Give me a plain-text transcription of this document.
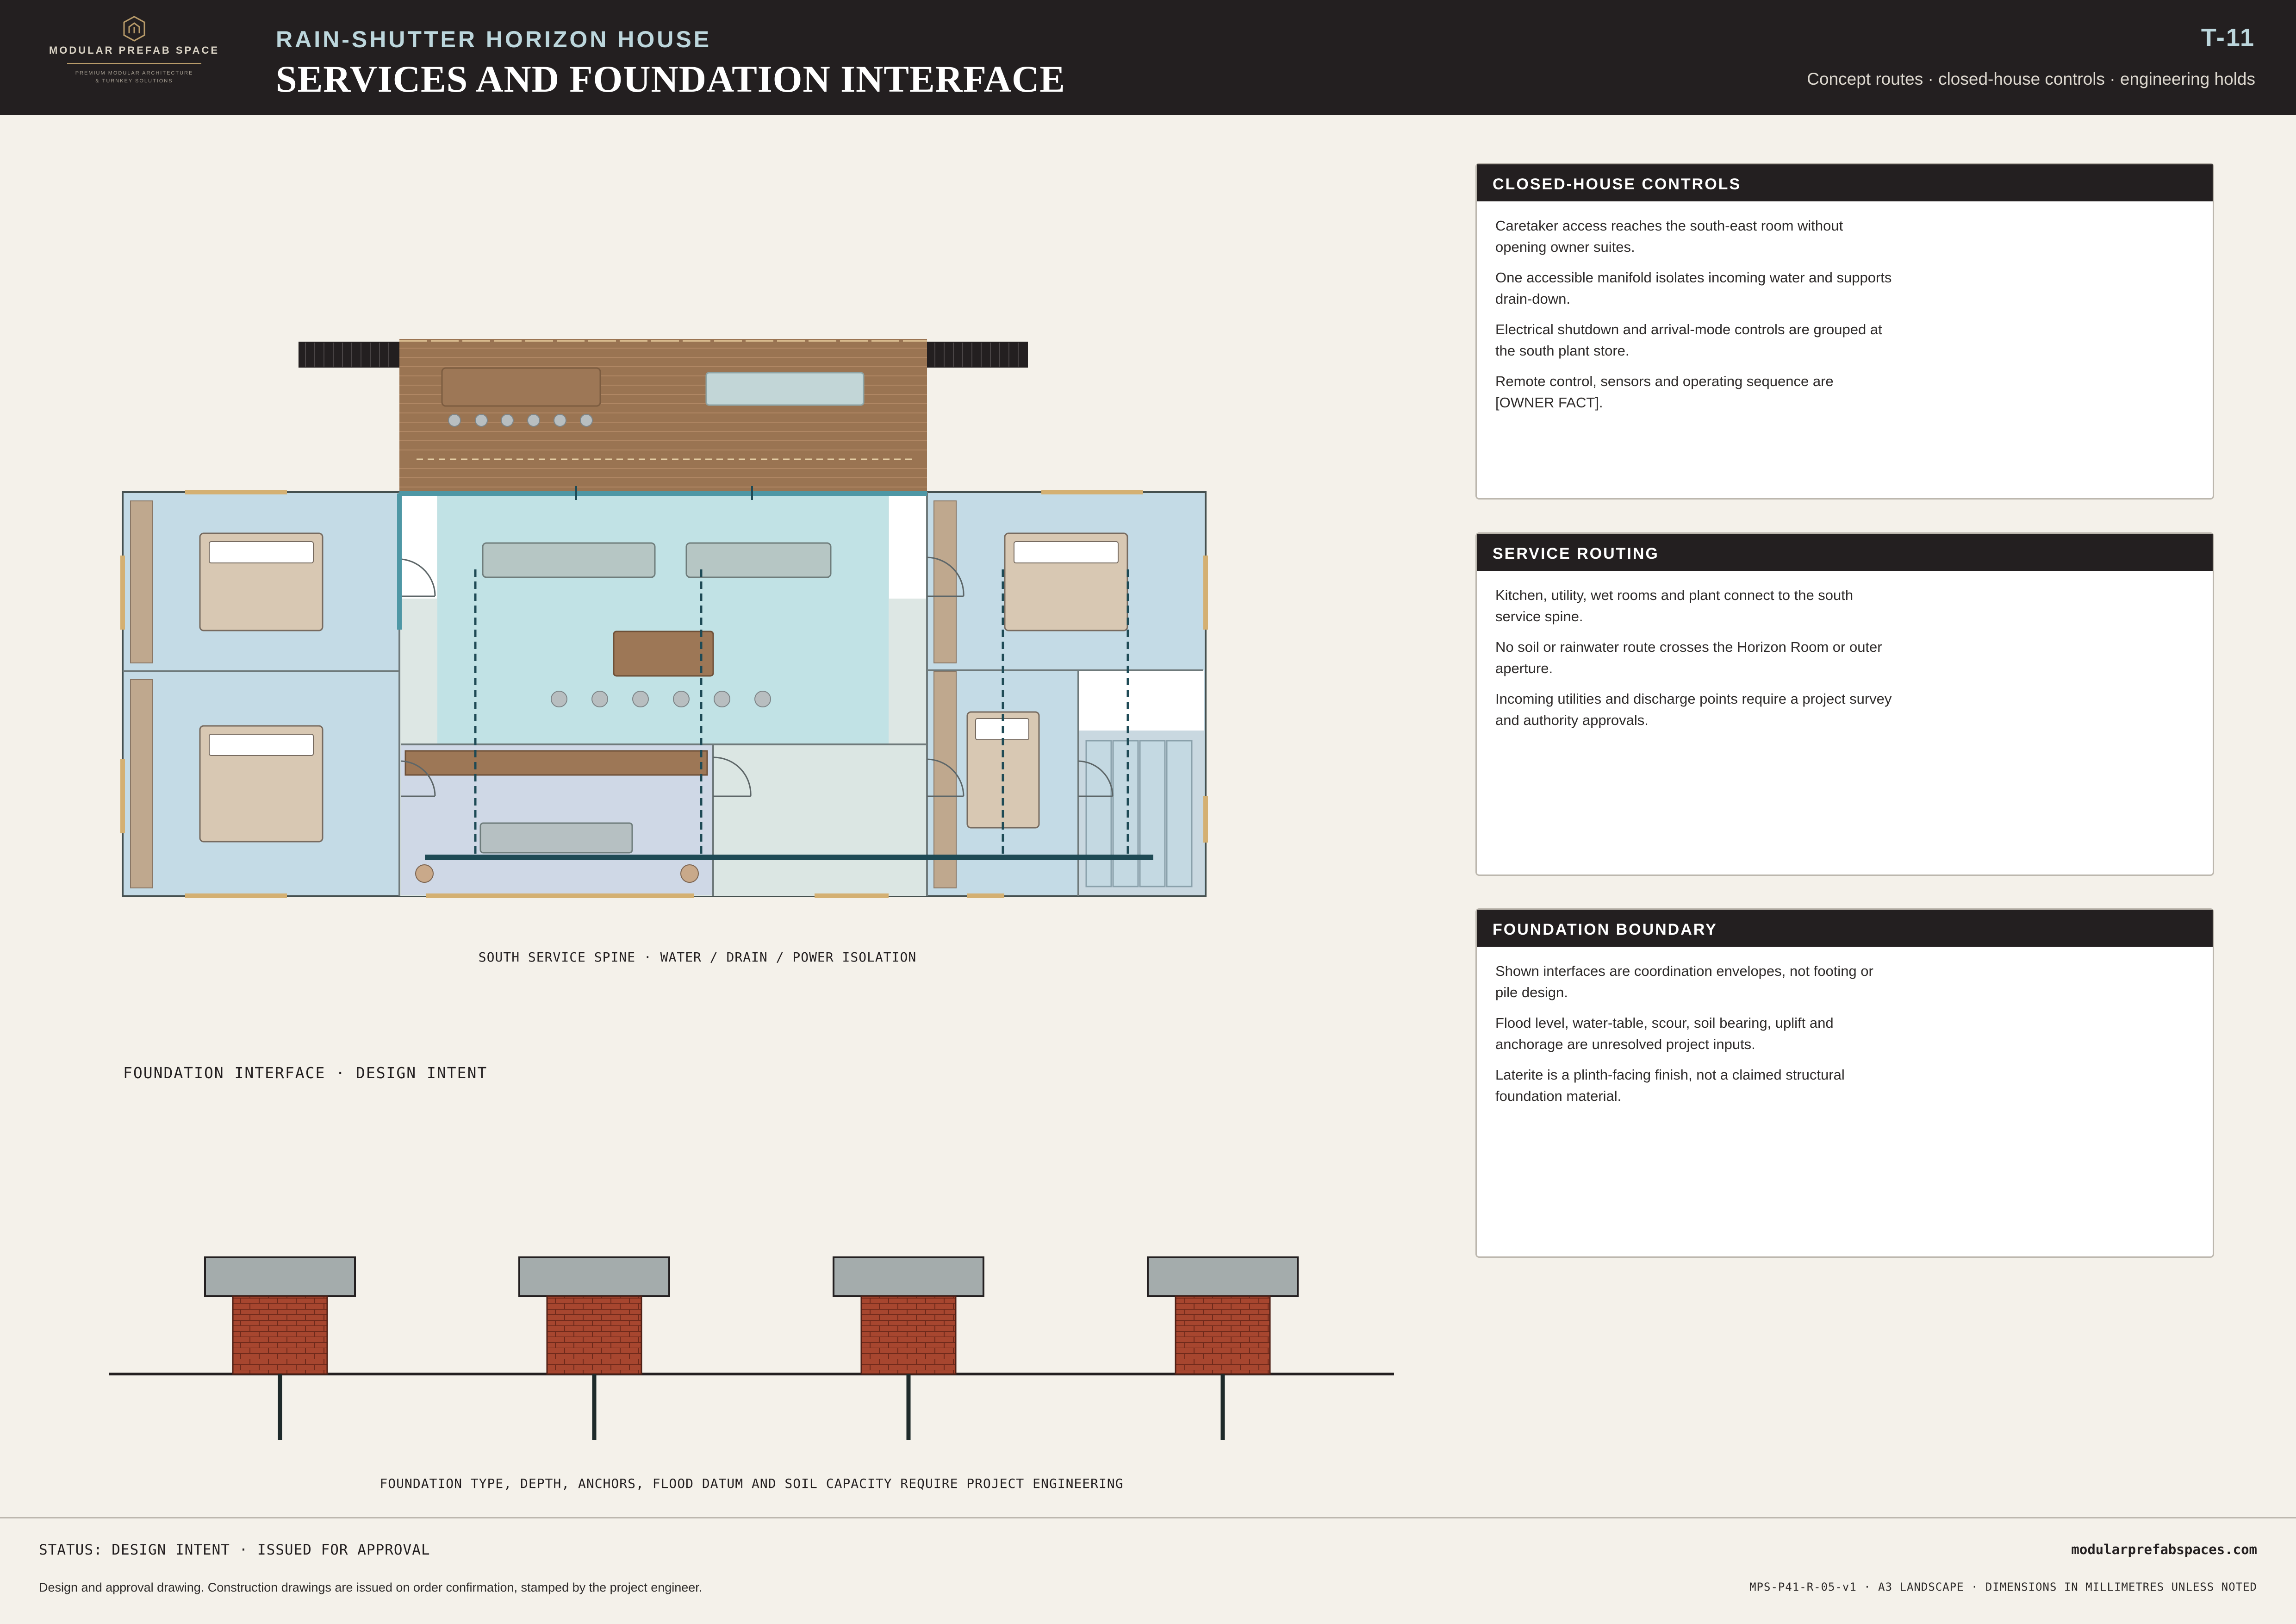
MODULAR PREFAB SPACE
PREMIUM MODULAR ARCHITECTURE
& TURNKEY SOLUTIONS
RAIN-SHUTTER HORIZON HOUSE
SERVICES AND FOUNDATION INTERFACE
T-11
Concept routes · closed-house controls · engineering holds
SOUTH SERVICE SPINE · WATER / DRAIN / POWER ISOLATION
FOUNDATION INTERFACE · DESIGN INTENT
FOUNDATION TYPE, DEPTH, ANCHORS, FLOOD DATUM AND SOIL CAPACITY REQUIRE PROJECT ENGINEERING
CLOSED-HOUSE CONTROLS

Caretaker access reaches the south-east room without opening owner suites.

One accessible manifold isolates incoming water and supports drain-down.

Electrical shutdown and arrival-mode controls are grouped at the south plant store.

Remote control, sensors and operating sequence are [OWNER FACT].

SERVICE ROUTING

Kitchen, utility, wet rooms and plant connect to the south service spine.

No soil or rainwater route crosses the Horizon Room or outer aperture.

Incoming utilities and discharge points require a project survey and authority approvals.

FOUNDATION BOUNDARY

Shown interfaces are coordination envelopes, not footing or pile design.

Flood level, water-table, scour, soil bearing, uplift and anchorage are unresolved project inputs.

Laterite is a plinth-facing finish, not a claimed structural foundation material.

STATUS: DESIGN INTENT · ISSUED FOR APPROVAL
Design and approval drawing. Construction drawings are issued on order confirmation, stamped by the project engineer.
modularprefabspaces.com
MPS-P41-R-05-v1 · A3 LANDSCAPE · DIMENSIONS IN MILLIMETRES UNLESS NOTED
